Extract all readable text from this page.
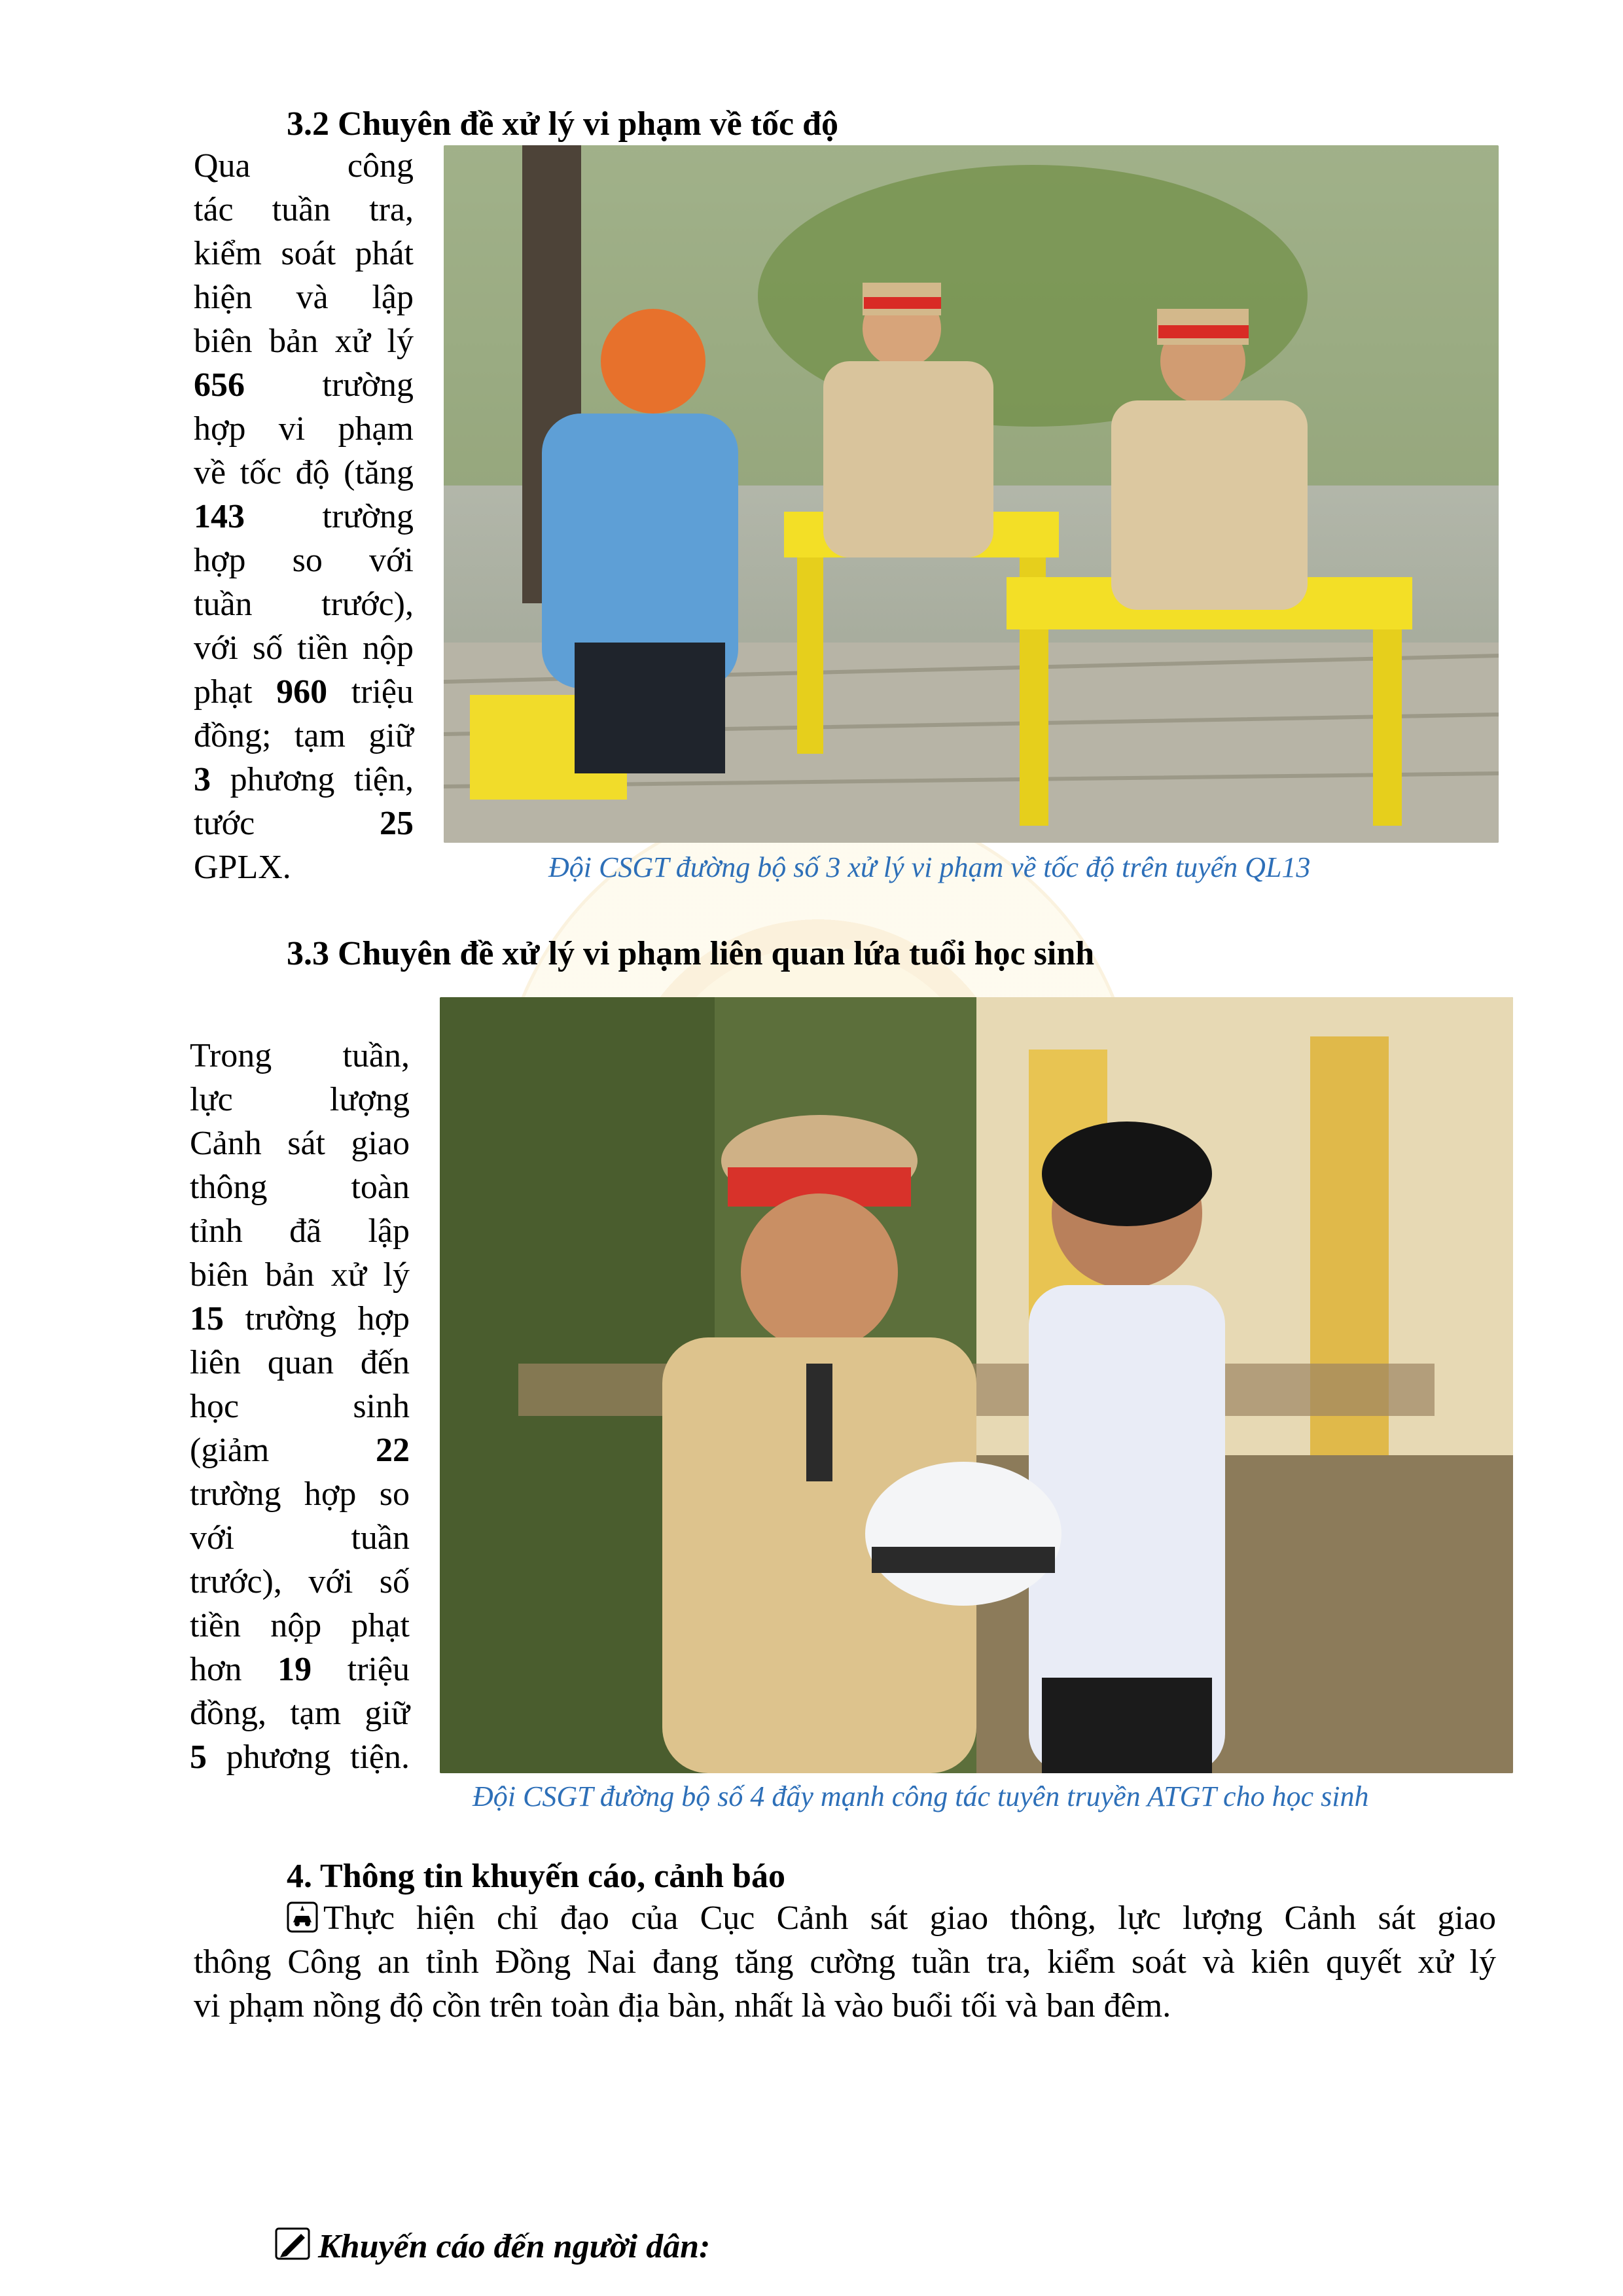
3.2 Chuyên đề xử lý vi phạm về tốc độ
Qua công
tác tuần tra,
kiểm soát phát
hiện và lập
biên bản xử lý
656 trường
hợp vi phạm
về tốc độ (tăng
143 trường
hợp so với
tuần trước),
với số tiền nộp
phạt 960 triệu
đồng; tạm giữ
3 phương tiện,
tước 25
GPLX.	Đội CSGT đường bộ số 3 xử lý vi phạm về tốc độ trên tuyến QL13
3.3 Chuyên đề xử lý vi phạm liên quan lứa tuổi học sinh
Trong tuần,
lực lượng
Cảnh sát giao
thông toàn
tỉnh đã lập
biên bản xử lý
15 trường hợp
liên quan đến
học sinh
(giảm 22
trường hợp so
với tuần
trước), với số
tiền nộp phạt
hơn 19 triệu
đồng, tạm giữ
5 phương tiện.
Đội CSGT đường bộ số 4 đẩy mạnh công tác tuyên truyền ATGT cho học sinh
4. Thông tin khuyến cáo, cảnh báo
Thực hiện chỉ đạo của Cục Cảnh sát giao thông, lực lượng Cảnh sát giao
thông Công an tỉnh Đồng Nai đang tăng cường tuần tra, kiểm soát và kiên quyết xử lý
vi phạm nồng độ cồn trên toàn địa bàn, nhất là vào buổi tối và ban đêm.
Khuyến cáo đến người dân:
